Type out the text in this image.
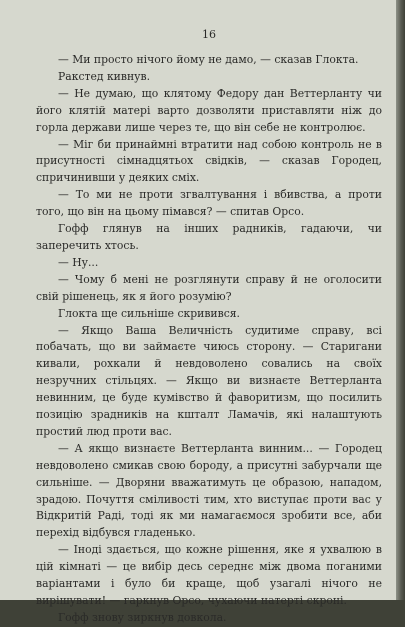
16

— Ми просто нічого йому не дамо, — сказав Глокта.

Ракстед кивнув.

— Не думаю, що клятому Федору дан Веттерланту чи його клятій матері варто дозволяти приставляти ніж до горла держави лише через те, що він себе не контролює.

— Міг би принаймні втратити над собою контроль не в присутності сімнадцятьох свідків, — сказав Городец, спричинивши у деяких сміх.

— То ми не проти згвалтування і вбивства, а проти того, що він на цьому пімався? — спитав Орсо.

Гофф глянув на інших радників, гадаючи, чи заперечить хтось.

— Ну...

— Чому б мені не розглянути справу й не оголосити свій рішенець, як я його розумію?

Глокта ще сильніше скривився.

— Якщо Ваша Величність судитиме справу, всі побачать, що ви займаєте чиюсь сторону. — Старигани кивали, рохкали й невдоволено совались на своїх незручних стільцях. — Якщо ви визнаєте Веттерланта невинним, це буде кумівство й фаворитизм, що посилить позицію зрадників на кшталт Ламачів, які налаштують простий люд проти вас.

— А якщо визнаєте Веттерланта винним... — Городец невдоволено смикав свою бороду, а присутні забурчали ще сильніше. — Дворяни вважатимуть це образою, нападом, зрадою. Почуття сміливості тим, хто виступає проти вас у Відкритій Раді, тоді як ми намагаємося зробити все, аби перехід відбувся гладенько.

— Іноді здається, що кожне рішення, яке я ухвалюю в цій кімнаті — це вибір десь середнє між двома поганими варіантами і було би краще, щоб узагалі нічого не вирішувати! — гаркнув Орсо, чухаючи натерті скроні.

Гофф знову зиркнув довкола.
